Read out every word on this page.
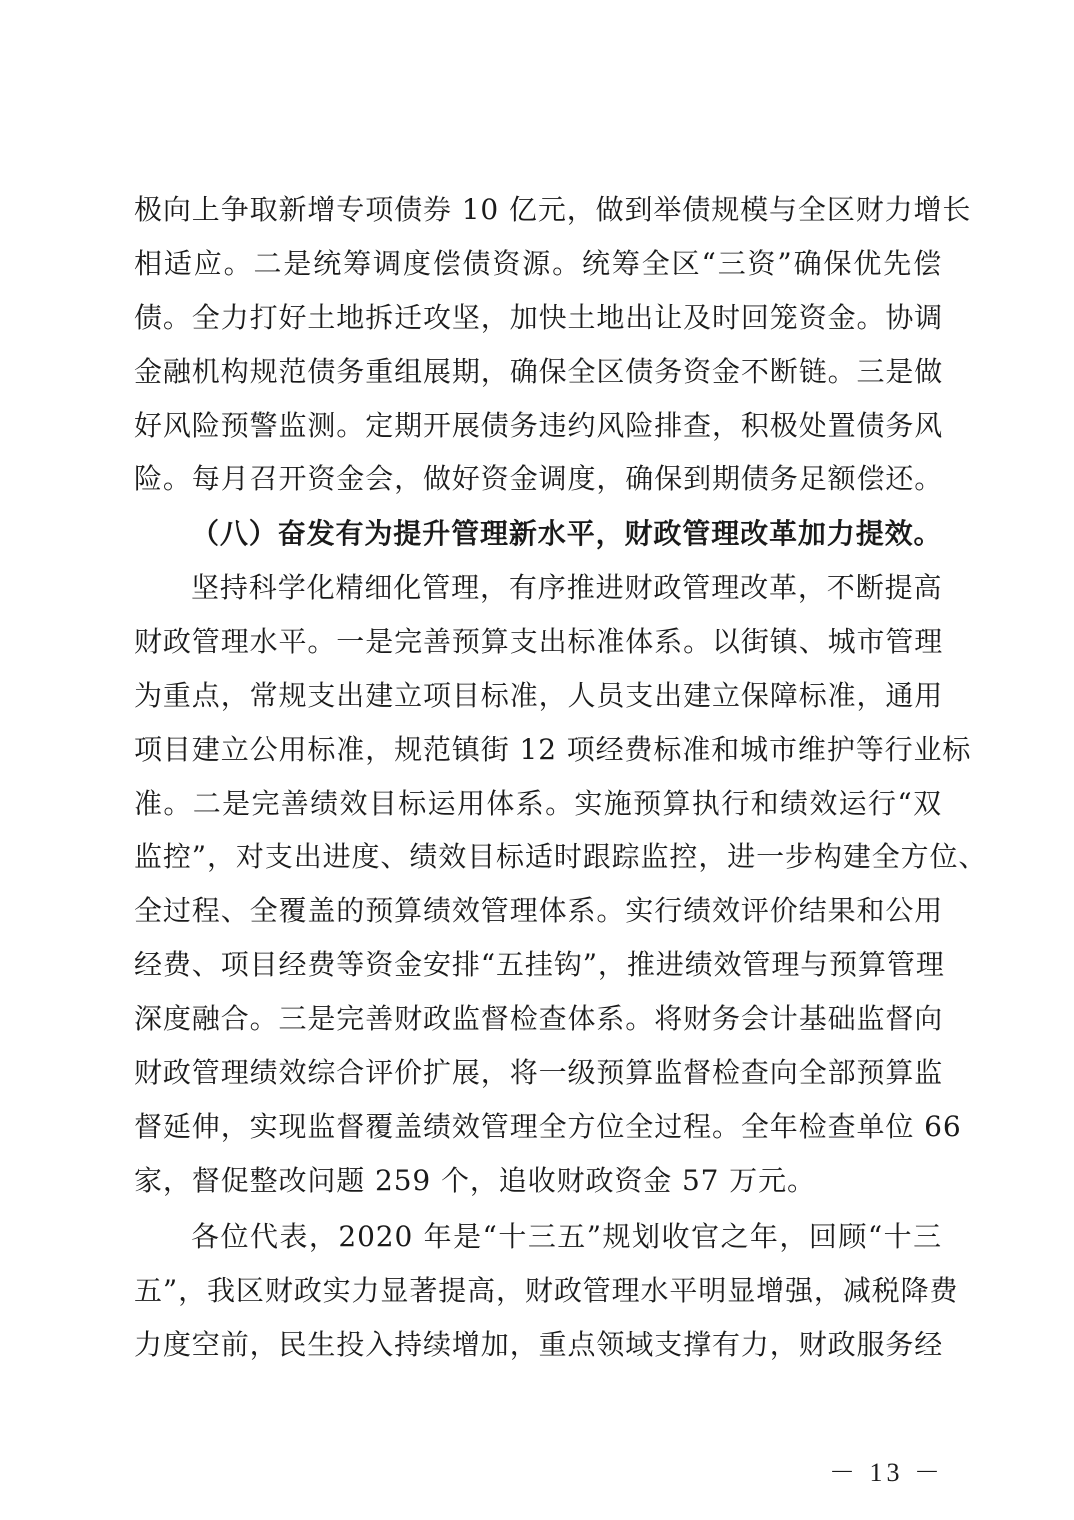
极向上争取新增专项债券 10 亿元，做到举债规模与全区财力增长
相适应。二是统筹调度偿债资源。统筹全区“三资”确保优先偿
债。全力打好土地拆迁攻坚，加快土地出让及时回笼资金。协调
金融机构规范债务重组展期，确保全区债务资金不断链。三是做
好风险预警监测。定期开展债务违约风险排查，积极处置债务风
险。每月召开资金会，做好资金调度，确保到期债务足额偿还。
（八）奋发有为提升管理新水平，财政管理改革加力提效。
坚持科学化精细化管理，有序推进财政管理改革，不断提高
财政管理水平。一是完善预算支出标准体系。以街镇、城市管理
为重点，常规支出建立项目标准，人员支出建立保障标准，通用
项目建立公用标准，规范镇街 12 项经费标准和城市维护等行业标
准。二是完善绩效目标运用体系。实施预算执行和绩效运行“双
监控”，对支出进度、绩效目标适时跟踪监控，进一步构建全方位、
全过程、全覆盖的预算绩效管理体系。实行绩效评价结果和公用
经费、项目经费等资金安排“五挂钩”，推进绩效管理与预算管理
深度融合。三是完善财政监督检查体系。将财务会计基础监督向
财政管理绩效综合评价扩展，将一级预算监督检查向全部预算监
督延伸，实现监督覆盖绩效管理全方位全过程。全年检查单位 66
家，督促整改问题 259 个，追收财政资金 57 万元。
各位代表，2020 年是“十三五”规划收官之年，回顾“十三
五”，我区财政实力显著提高，财政管理水平明显增强，减税降费
力度空前，民生投入持续增加，重点领域支撑有力，财政服务经
－ 13 －
